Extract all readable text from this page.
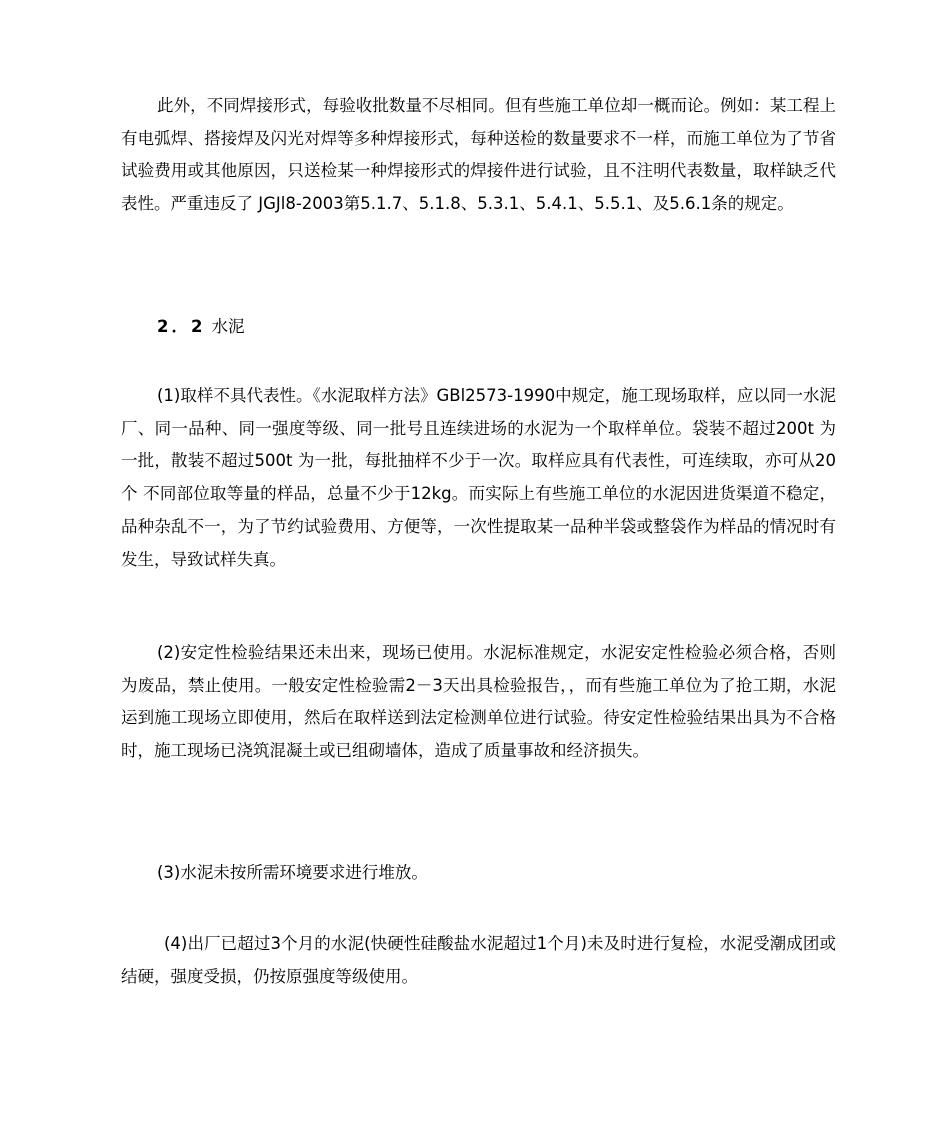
此外，不同焊接形式，每验收批数量不尽相同。但有些施工单位却一概而论。例如：某工程上有电弧焊、搭接焊及闪光对焊等多种焊接形式，每种送检的数量要求不一样，而施工单位为了节省试验费用或其他原因，只送检某一种焊接形式的焊接件进行试验，且不注明代表数量，取样缺乏代表性。严重违反了 JGJl8-2003第5.1.7、5.1.8、5.3.1、5.4.1、5.5.1、及5.6.1条的规定。

2．2 水泥

(1)取样不具代表性。《水泥取样方法》GBl2573-1990中规定，施工现场取样，应以同一水泥厂、同一品种、同一强度等级、同一批号且连续进场的水泥为一个取样单位。袋装不超过200t 为一批，散装不超过500t 为一批，每批抽样不少于一次。取样应具有代表性，可连续取，亦可从20个 不同部位取等量的样品，总量不少于12kg。而实际上有些施工单位的水泥因进货渠道不稳定，品种杂乱不一，为了节约试验费用、方便等，一次性提取某一品种半袋或整袋作为样品的情况时有发生，导致试样失真。

(2)安定性检验结果还未出来，现场已使用。水泥标准规定，水泥安定性检验必须合格，否则为废品，禁止使用。一般安定性检验需2－3天出具检验报告，，而有些施工单位为了抢工期，水泥运到施工现场立即使用，然后在取样送到法定检测单位进行试验。待安定性检验结果出具为不合格时，施工现场已浇筑混凝土或已组砌墙体，造成了质量事故和经济损失。

(3)水泥未按所需环境要求进行堆放。

(4)出厂已超过3个月的水泥(快硬性硅酸盐水泥超过1个月)未及时进行复检，水泥受潮成团或结硬，强度受损，仍按原强度等级使用。
